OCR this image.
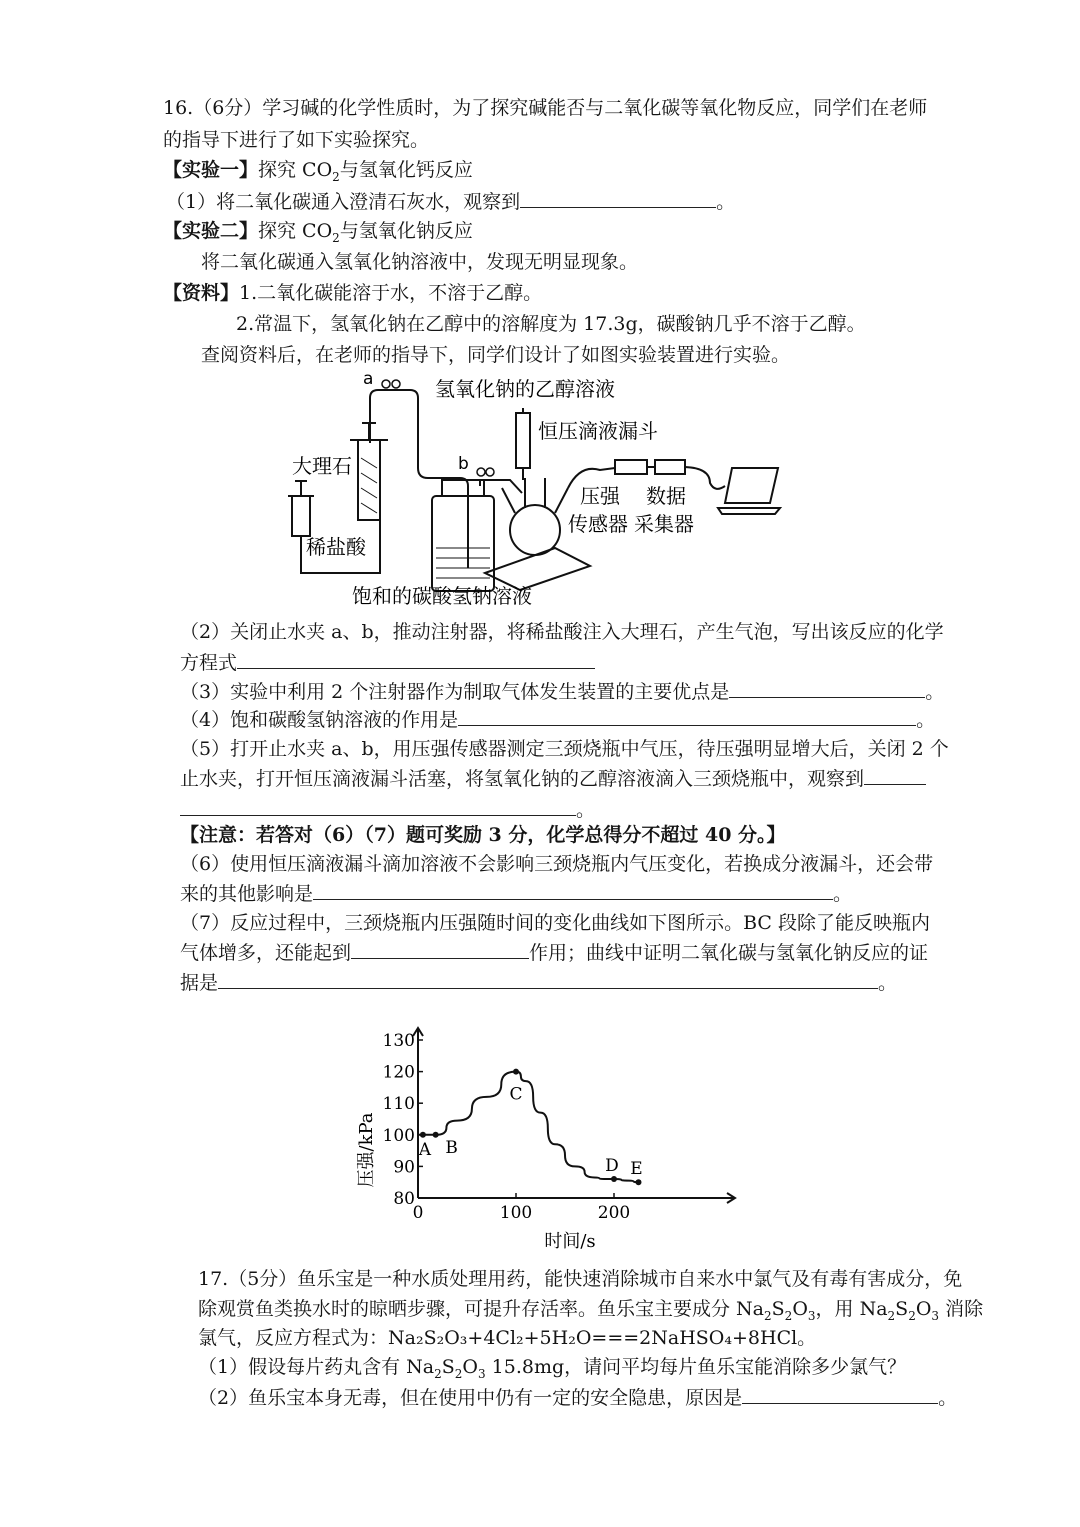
16.（6分）学习碱的化学性质时，为了探究碱能否与二氧化碳等氧化物反应，同学们在老师
的指导下进行了如下实验探究。
【实验一】探究 $CO_2$与氢氧化钙反应
（1）将二氧化碳通入澄清石灰水，观察到	。
【实验二】探究 $CO_2$与氢氧化钠反应
将二氧化碳通入氢氧化钠溶液中，发现无明显现象。
【资料】1.二氧化碳能溶于水，不溶于乙醇。
2.常温下，氢氧化钠在乙醇中的溶解度为 17.3g，碳酸钠几乎不溶于乙醇。
查阅资料后，在老师的指导下，同学们设计了如图实验装置进行实验。
a
b
氢氧化钠的乙醇溶液
恒压滴液漏斗
大理石
稀盐酸
压强
传感器
数据
采集器
饱和的碳酸氢钠溶液
（2）关闭止水夹 a、b，推动注射器，将稀盐酸注入大理石，产生气泡，写出该反应的化学
方程式
（3）实验中利用 2 个注射器作为制取气体发生装置的主要优点是	。
（4）饱和碳酸氢钠溶液的作用是	。
（5）打开止水夹 a、b，用压强传感器测定三颈烧瓶中气压，待压强明显增大后，关闭 2 个
止水夹，打开恒压滴液漏斗活塞，将氢氧化钠的乙醇溶液滴入三颈烧瓶中，观察到
。
【注意：若答对（6）（7）题可奖励 3 分，化学总得分不超过 40 分。】
（6）使用恒压滴液漏斗滴加溶液不会影响三颈烧瓶内气压变化，若换成分液漏斗，还会带
来的其他影响是	。
（7）反应过程中，三颈烧瓶内压强随时间的变化曲线如下图所示。BC 段除了能反映瓶内
气体增多，还能起到	作用；曲线中证明二氧化碳与氢氧化钠反应的证
据是	。
80
90
100
110
120
130
0	100	200
A B
C
D E
压强/kPa
时间/s
17.（5分）鱼乐宝是一种水质处理用药，能快速消除城市自来水中氯气及有毒有害成分，免
除观赏鱼类换水时的晾晒步骤，可提升存活率。鱼乐宝主要成分 $Na_2S_2O_3$，用 $Na_2S_2O_3$ 消除
氯气，反应方程式为：Na₂S₂O₃+4Cl₂+5H₂O===2NaHSO₄+8HCl。
（1）假设每片药丸含有 $Na_2S_2O_3$ 15.8mg，请问平均每片鱼乐宝能消除多少氯气？
（2）鱼乐宝本身无毒，但在使用中仍有一定的安全隐患，原因是	。
